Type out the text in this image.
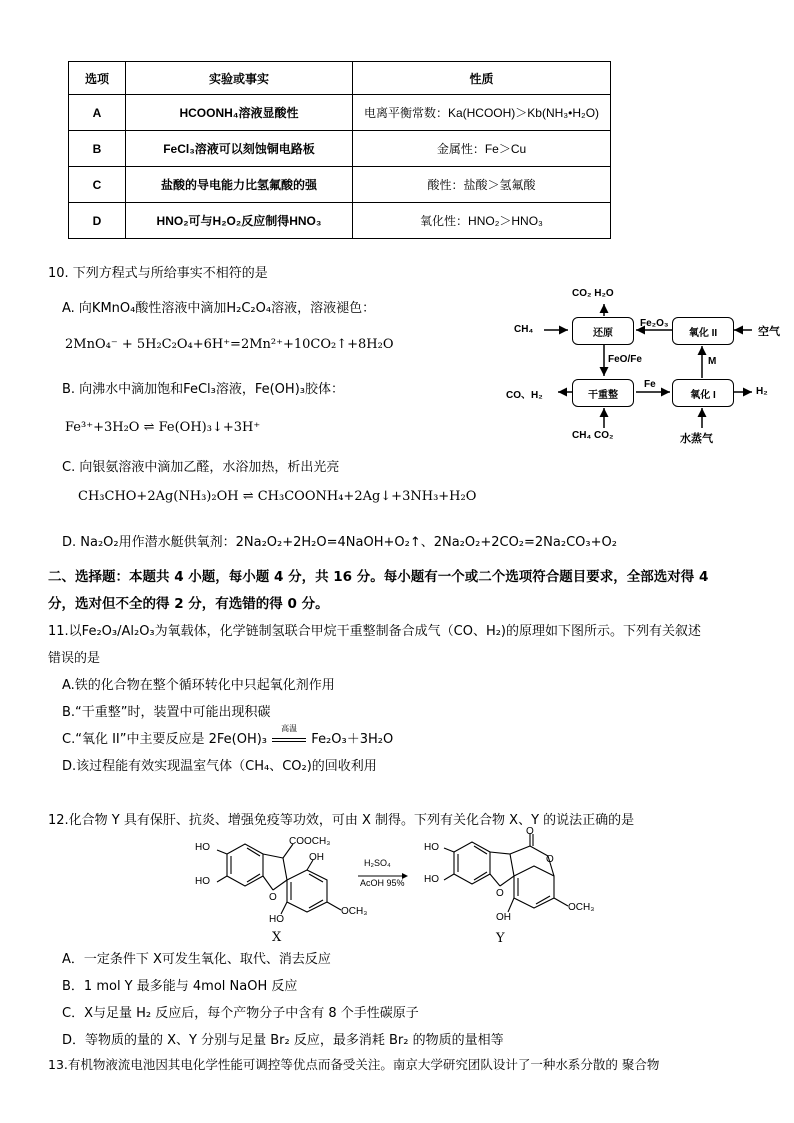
选项	实验或事实	性质
A	HCOONH₄溶液显酸性	电离平衡常数：Ka(HCOOH)＞Kb(NH₃•H₂O)
B	FeCl₃溶液可以刻蚀铜电路板	金属性：Fe＞Cu
C	盐酸的导电能力比氢氟酸的强	酸性：盐酸＞氢氟酸
D	HNO₂可与H₂O₂反应制得HNO₃	氧化性：HNO₂＞HNO₃
10. 下列方程式与所给事实不相符的是
A. 向KMnO₄酸性溶液中滴加H₂C₂O₄溶液，溶液褪色：
2MnO₄⁻ + 5H₂C₂O₄+6H⁺=2Mn²⁺+10CO₂↑+8H₂O
B. 向沸水中滴加饱和FeCl₃溶液，Fe(OH)₃胶体：
Fe³⁺+3H₂O ⇌ Fe(OH)₃↓+3H⁺
C. 向银氨溶液中滴加乙醛，水浴加热，析出光亮
CH₃CHO+2Ag(NH₃)₂OH ⇌ CH₃COONH₄+2Ag↓+3NH₃+H₂O
D. Na₂O₂用作潜水艇供氧剂：2Na₂O₂+2H₂O=4NaOH+O₂↑、2Na₂O₂+2CO₂=2Na₂CO₃+O₂
还原	氧化 II
干重整	氧化 I
CO₂ H₂O
CH₄	空气
Fe₂O₃
FeO/Fe	M
CO、H₂
Fe
H₂
CH₄ CO₂	水蒸气
二、选择题：本题共 4 小题，每小题 4 分，共 16 分。每小题有一个或二个选项符合题目要求，全部选对得 4
分，选对但不全的得 2 分，有选错的得 0 分。
11.以Fe₂O₃/Al₂O₃为氧载体，化学链制氢联合甲烷干重整制备合成气（CO、H₂)的原理如下图所示。下列有关叙述
错误的是
A.铁的化合物在整个循环转化中只起氧化剂作用
B.“干重整”时，装置中可能出现积碳
C.“氧化 II”中主要反应是 2Fe(OH)₃
高温
Fe₂O₃＋3H₂O
D.该过程能有效实现温室气体（CH₄、CO₂)的回收利用
12.化合物 Y 具有保肝、抗炎、增强免疫等功效，可由 X 制得。下列有关化合物 X、Y 的说法正确的是
HO
HO
COOCH₃
OH
O
HO
OCH₃
X
H₂SO₄
AcOH 95%
O
HO
HO
O
O
OH
OCH₃
Y
A．一定条件下 X可发生氧化、取代、消去反应
B．1 mol Y 最多能与 4mol NaOH 反应
C．X与足量 H₂ 反应后，每个产物分子中含有 8 个手性碳原子
D．等物质的量的 X、Y 分别与足量 Br₂ 反应，最多消耗 Br₂ 的物质的量相等
13.有机物液流电池因其电化学性能可调控等优点而备受关注。南京大学研究团队设计了一种水系分散的 聚合物
